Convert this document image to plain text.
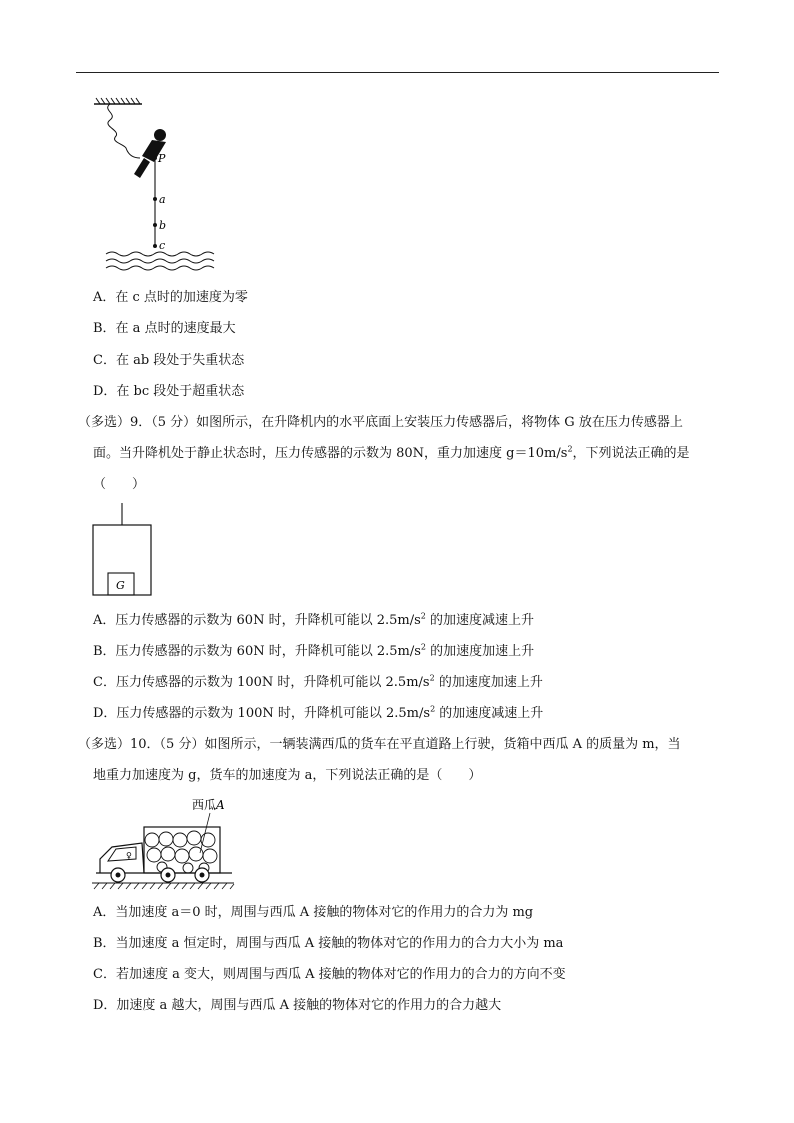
P
a
b
c
A．在 c 点时的加速度为零
B．在 a 点时的速度最大
C．在 ab 段处于失重状态
D．在 bc 段处于超重状态
（多选）9．（5 分）如图所示，在升降机内的水平底面上安装压力传感器后，将物体 G 放在压力传感器上
面。当升降机处于静止状态时，压力传感器的示数为 80N，重力加速度 $g=10m/s^2$，下列说法正确的是
（　　）
G
A．压力传感器的示数为 60N 时，升降机可能以 $2.5m/s^2$ 的加速度减速上升
B．压力传感器的示数为 60N 时，升降机可能以 $2.5m/s^2$ 的加速度加速上升
C．压力传感器的示数为 100N 时，升降机可能以 $2.5m/s^2$ 的加速度加速上升
D．压力传感器的示数为 100N 时，升降机可能以 $2.5m/s^2$ 的加速度减速上升
（多选）10．（5 分）如图所示，一辆装满西瓜的货车在平直道路上行驶，货箱中西瓜 A 的质量为 m，当
地重力加速度为 g，货车的加速度为 a，下列说法正确的是（　　）
西瓜 A
♀
A．当加速度 a＝0 时，周围与西瓜 A 接触的物体对它的作用力的合力为 mg
B．当加速度 a 恒定时，周围与西瓜 A 接触的物体对它的作用力的合力大小为 ma
C．若加速度 a 变大，则周围与西瓜 A 接触的物体对它的作用力的合力的方向不变
D．加速度 a 越大，周围与西瓜 A 接触的物体对它的作用力的合力越大
